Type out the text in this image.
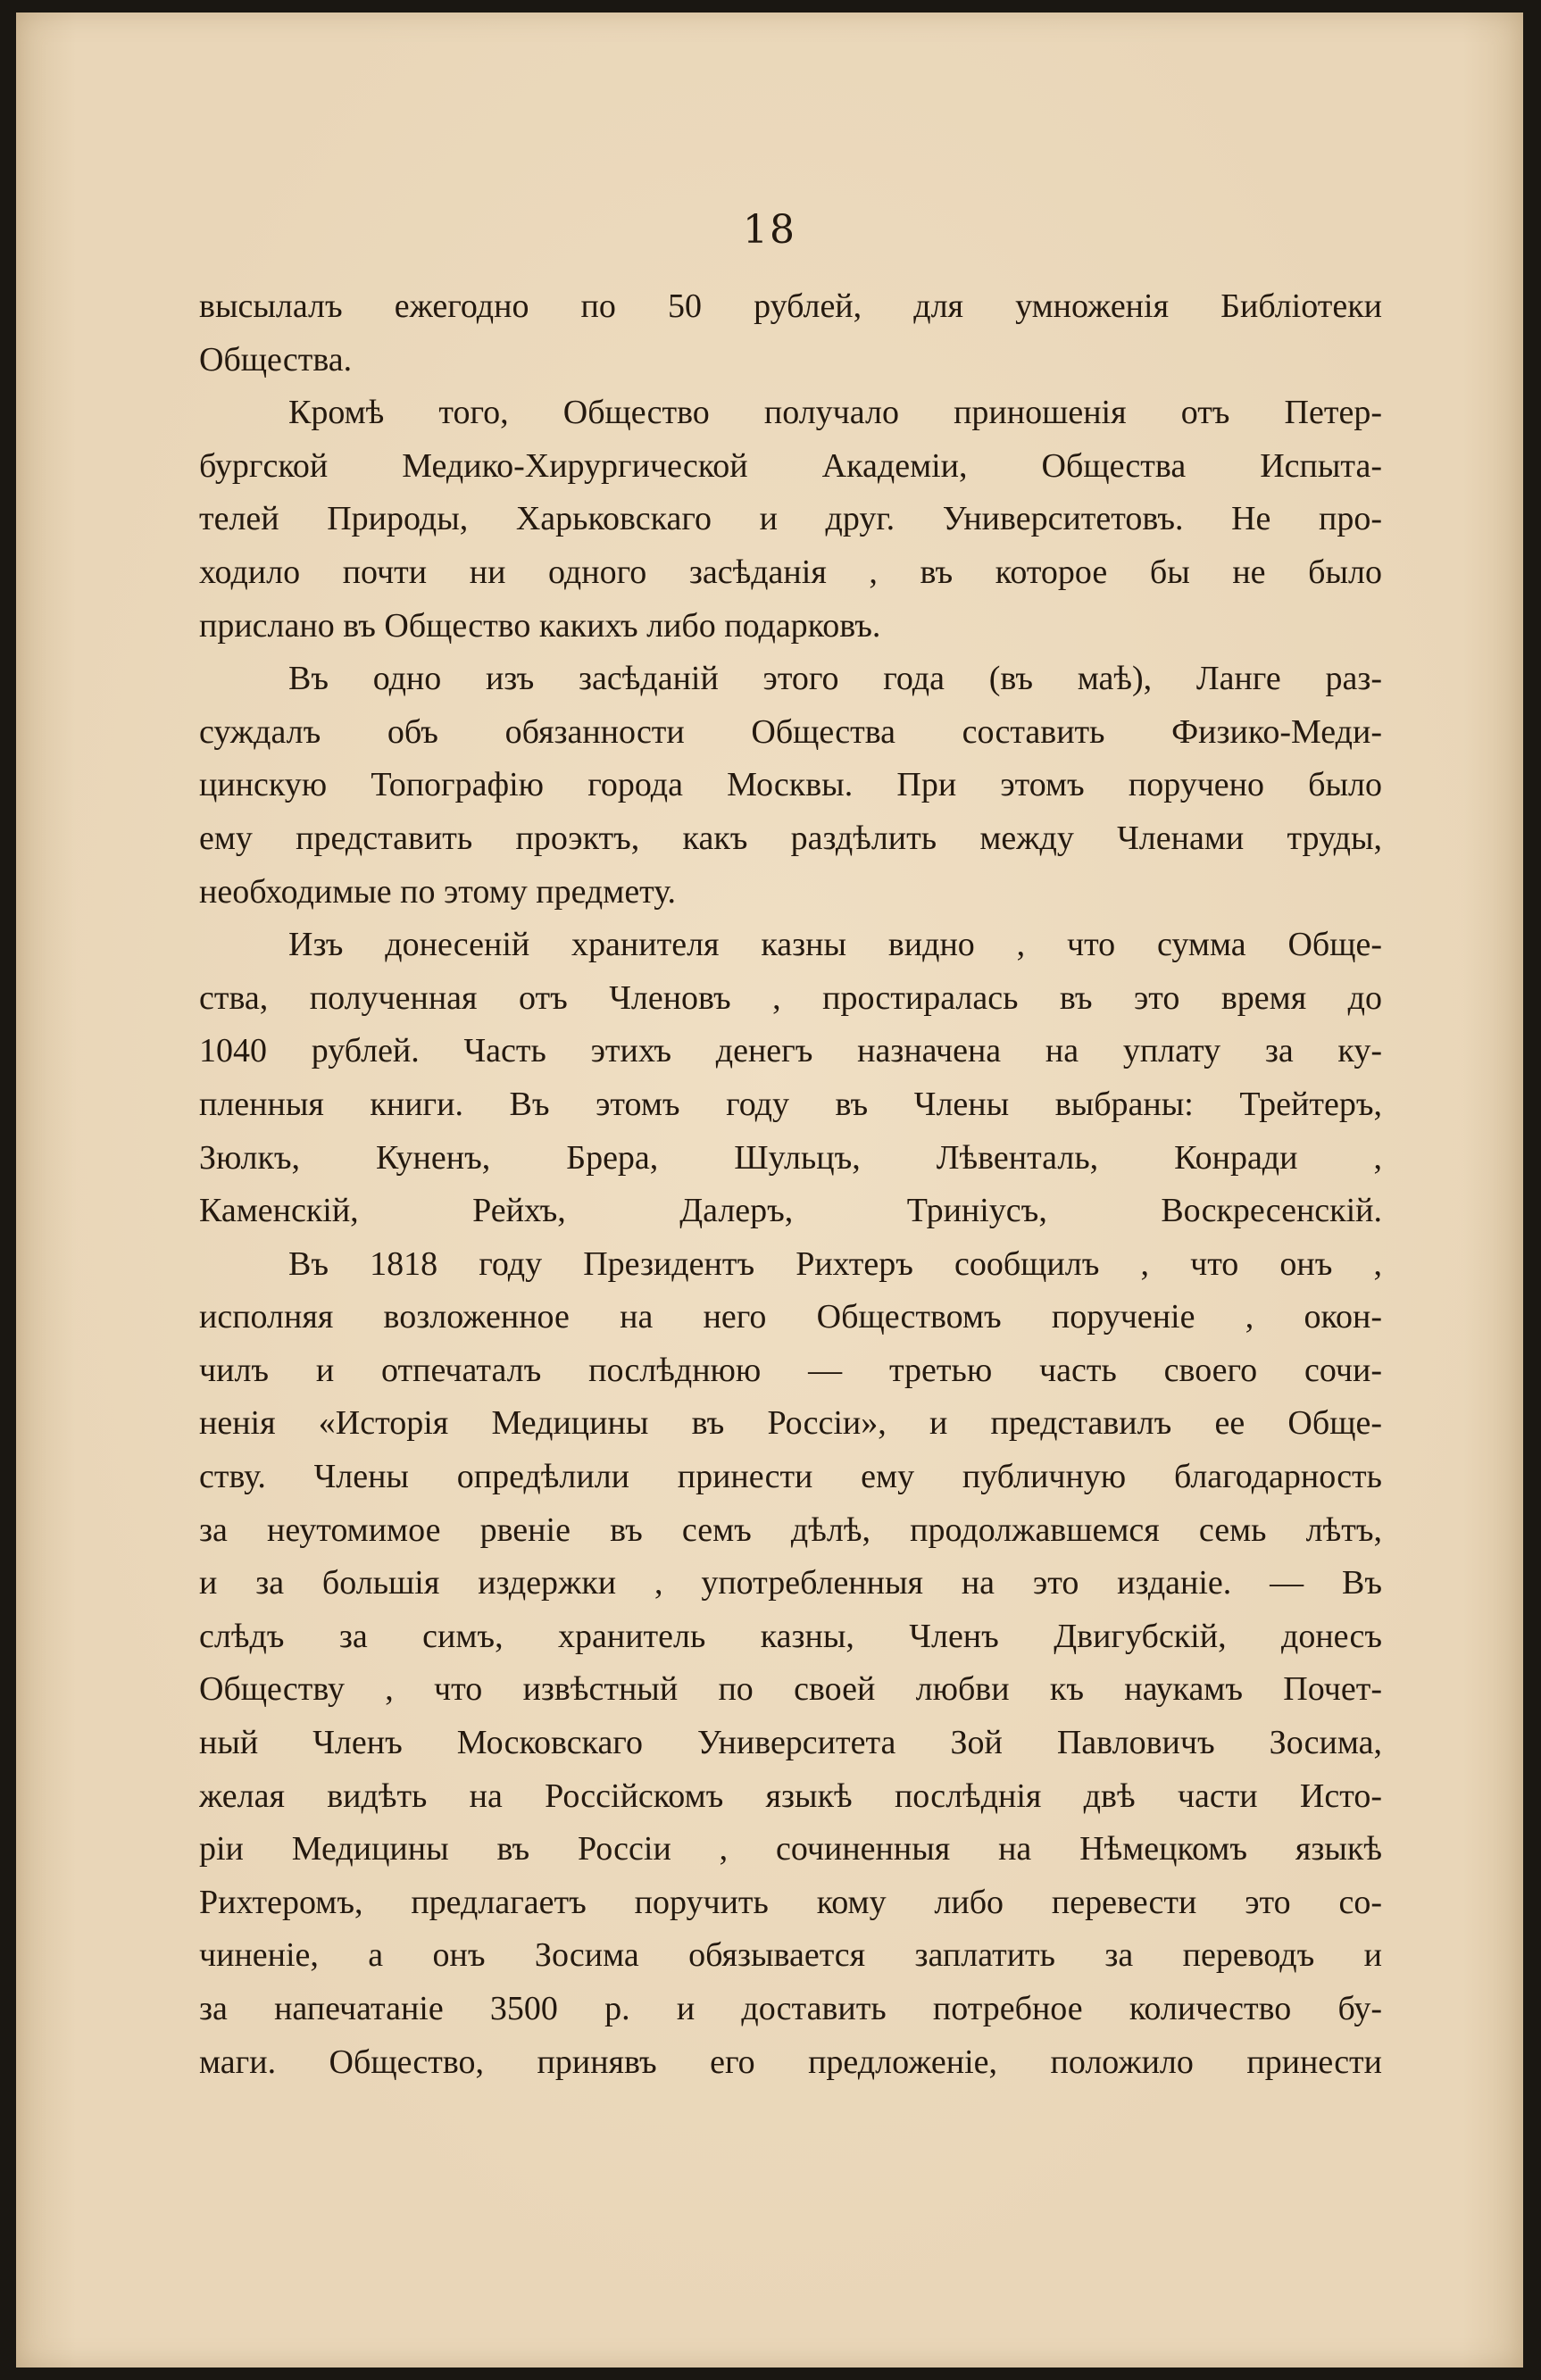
18
высылалъ ежегодно по 50 рублей, для умноженія Библіотеки
Общества.
Кромѣ того, Общество получало приношенія отъ Петер-
бургской Медико-Хирургической Академіи, Общества Испыта-
телей Природы, Харьковскаго и друг. Университетовъ. Не про-
ходило почти ни одного засѣданія , въ которое бы не было
прислано въ Общество какихъ либо подарковъ.
Въ одно изъ засѣданій этого года (въ маѣ), Ланге раз-
суждалъ объ обязанности Общества составить Физико-Меди-
цинскую Топографію города Москвы. При этомъ поручено было
ему представить проэктъ, какъ раздѣлить между Членами труды,
необходимые по этому предмету.
Изъ донесеній хранителя казны видно , что сумма Обще-
ства, полученная отъ Членовъ , простиралась въ это время до
1040 рублей. Часть этихъ денегъ назначена на уплату за ку-
пленныя книги. Въ этомъ году въ Члены выбраны: Трейтеръ,
Зюлкъ, Куненъ, Брера, Шульцъ, Лѣвенталь, Конради ,
Каменскій, Рейхъ, Далеръ, Триніусъ, Воскресенскій.
Въ 1818 году Президентъ Рихтеръ сообщилъ , что онъ ,
исполняя возложенное на него Обществомъ порученіе , окон-
чилъ и отпечаталъ послѣднюю — третью часть своего сочи-
ненія «Исторія Медицины въ Россіи», и представилъ ее Обще-
ству. Члены опредѣлили принести ему публичную благодарность
за неутомимое рвеніе въ семъ дѣлѣ, продолжавшемся семь лѣтъ,
и за большія издержки , употребленныя на это изданіе. — Въ
слѣдъ за симъ, хранитель казны, Членъ Двигубскій, донесъ
Обществу , что извѣстный по своей любви къ наукамъ Почет-
ный Членъ Московскаго Университета Зой Павловичъ Зосима,
желая видѣть на Россійскомъ языкѣ послѣднія двѣ части Исто-
ріи Медицины въ Россіи , сочиненныя на Нѣмецкомъ языкѣ
Рихтеромъ, предлагаетъ поручить кому либо перевести это со-
чиненіе, а онъ Зосима обязывается заплатить за переводъ и
за напечатаніе 3500 р. и доставить потребное количество бу-
маги. Общество, принявъ его предложеніе, положило принести
